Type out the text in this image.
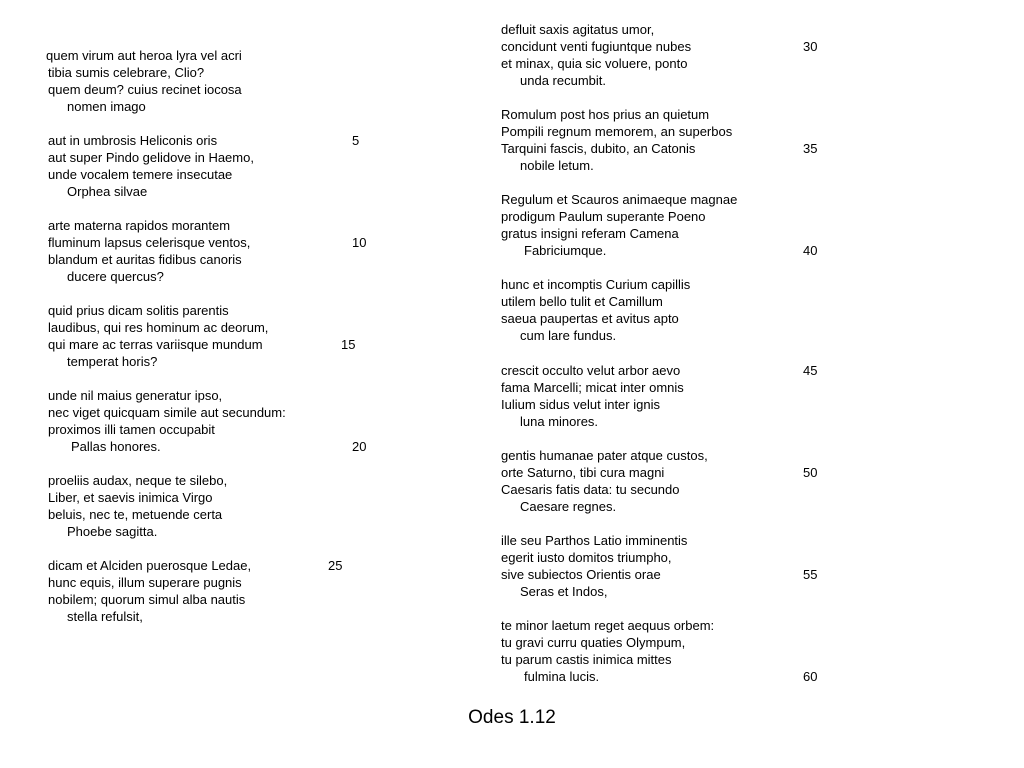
quem virum aut heroa lyra vel acri
tibia sumis celebrare, Clio?
quem deum? cuius recinet iocosa
nomen imago
aut in umbrosis Heliconis oris
aut super Pindo gelidove in Haemo,
unde vocalem temere insecutae
Orphea silvae
arte materna rapidos morantem
fluminum lapsus celerisque ventos,
blandum et auritas fidibus canoris
ducere quercus?
quid prius dicam solitis parentis
laudibus, qui res hominum ac deorum,
qui mare ac terras variisque mundum
temperat horis?
unde nil maius generatur ipso,
nec viget quicquam simile aut secundum:
proximos illi tamen occupabit
Pallas honores.
proeliis audax, neque te silebo,
Liber, et saevis inimica Virgo
beluis, nec te, metuende certa
Phoebe sagitta.
dicam et Alciden puerosque Ledae,
hunc equis, illum superare pugnis
nobilem; quorum simul alba nautis
stella refulsit,
5
10
15
20
25
defluit saxis agitatus umor,
concidunt venti fugiuntque nubes
et minax, quia sic voluere, ponto
unda recumbit.
Romulum post hos prius an quietum
Pompili regnum memorem, an superbos
Tarquini fascis, dubito, an Catonis
nobile letum.
Regulum et Scauros animaeque magnae
prodigum Paulum superante Poeno
gratus insigni referam Camena
Fabriciumque.
hunc et incomptis Curium capillis
utilem bello tulit et Camillum
saeua paupertas et avitus apto
cum lare fundus.
crescit occulto velut arbor aevo
fama Marcelli; micat inter omnis
Iulium sidus velut inter ignis
luna minores.
gentis humanae pater atque custos,
orte Saturno, tibi cura magni
Caesaris fatis data: tu secundo
Caesare regnes.
ille seu Parthos Latio imminentis
egerit iusto domitos triumpho,
sive subiectos Orientis orae
Seras et Indos,
te minor laetum reget aequus orbem:
tu gravi curru quaties Olympum,
tu parum castis inimica mittes
fulmina lucis.
30
35
40
45
50
55
60
Odes 1.12
